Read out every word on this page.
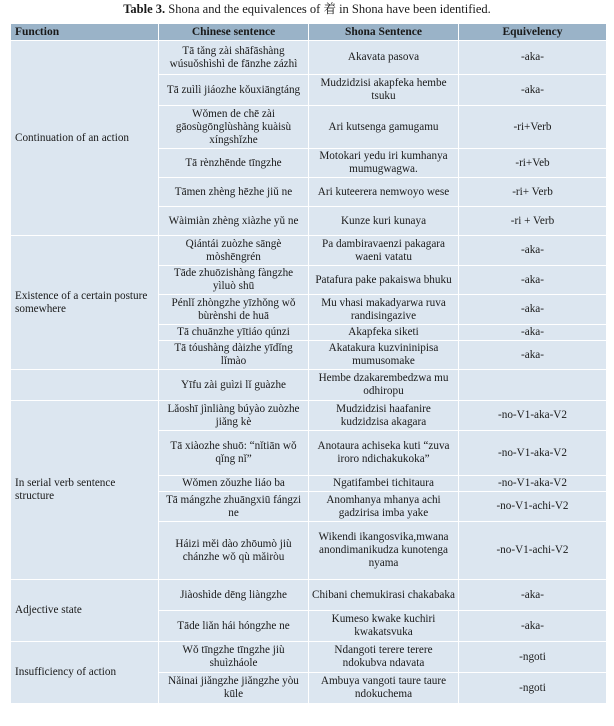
Table 3. Shona and the equivalences of 着 in Shona have been identified.
Function	Chinese sentence	Shona Sentence	Equivelency
Continuation of an action	Tā tǎng zài shāfāshàng wúsuǒshìshì de fānzhe zázhì	Akavata pasova	-aka-
	Tā zuìlì jiáozhe kǒuxiāngtáng	Mudzidzisi akapfeka hembe tsuku	-aka-
	Wǒmen de chē zài gāosùgōnglùshàng kuàisù xíngshǐzhe	Ari kutsenga gamugamu	-ri+Verb
	Tā rènzhēnde tīngzhe	Motokari yedu iri kumhanya mumugwagwa.	-ri+Veb
	Tāmen zhèng hēzhe jiǔ ne	Ari kuteerera nemwoyo wese	-ri+ Verb
	Wàimiàn zhèng xiàzhe yǔ ne	Kunze kuri kunaya	-ri + Verb
Existence of a certain posture somewhere	Qiántái zuòzhe sāngè mòshēngrén	Pa dambiravaenzi pakagara waeni vatatu	-aka-
	Tāde zhuōzishàng fàngzhe yìluò shū	Patafura pake pakaiswa bhuku	-aka-
	Pénlǐ zhòngzhe yīzhǒng wǒ bùrènshi de huā	Mu vhasi makadyarwa ruva randisingazive	-aka-
	Tā chuānzhe yītiáo qúnzi	Akapfeka siketi	-aka-
	Tā tóushàng dàizhe yīdǐng lǐmào	Akatakura kuzvininipisa mumusomake	-aka-
	Yīfu zài guìzi lǐ guàzhe	Hembe dzakarembedzwa mu odhiropu	
In serial verb sentence structure	Lǎoshī jìnliàng búyào zuòzhe jiǎng kè	Mudzidzisi haafanire kudzidzisa akagara	-no-V1-aka-V2
	Tā xiàozhe shuō: “nǐtiān wǒ qǐng nǐ”	Anotaura achiseka kuti “zuva iroro ndichakukoka”	-no-V1-aka-V2
	Wǒmen zǒuzhe liáo ba	Ngatifambei tichitaura	-no-V1-aka-V2
	Tā mángzhe zhuāngxiū fángzi ne	Anomhanya mhanya achi gadzirisa imba yake	-no-V1-achi-V2
	Háizi měi dào zhōumò jiù chánzhe wǒ qù mǎiròu	Wikendi ikangosvika,mwana anondimanikudza kunotenga nyama	-no-V1-achi-V2
Adjective state	Jiàoshìde dēng liàngzhe	Chibani chemukirasi chakabaka	-aka-
	Tāde liǎn hái hóngzhe ne	Kumeso kwake kuchiri kwakatsvuka	-aka-
Insufficiency of action	Wǒ tīngzhe tīngzhe jiù shuìzháole	Ndangoti terere terere ndokubva ndavata	-ngoti
	Nǎinai jiǎngzhe jiǎngzhe yòu kūle	Ambuya vangoti taure taure ndokuchema	-ngoti
